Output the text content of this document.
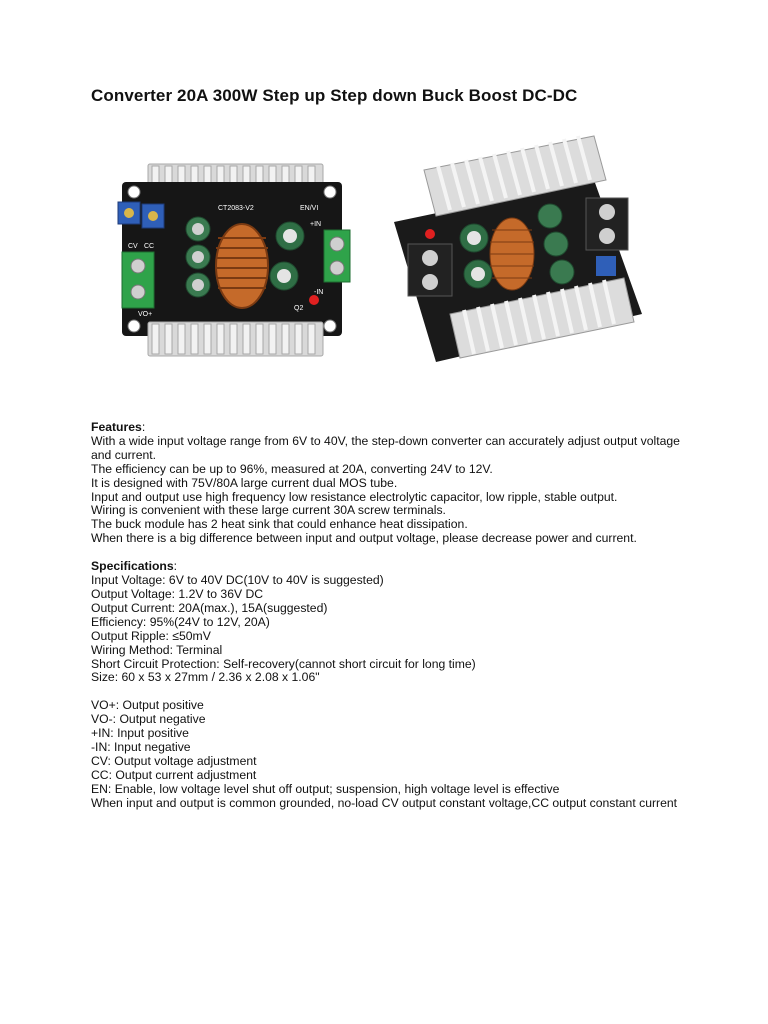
Converter 20A 300W Step up Step down Buck Boost DC-DC
CV CC
VO+
+IN
-IN
EN/VI
Q2
CT2083-V2

Features:

With a wide input voltage range from 6V to 40V, the step-down converter can accurately adjust output voltage and current.

The efficiency can be up to 96%, measured at 20A, converting 24V to 12V.

It is designed with 75V/80A large current dual MOS tube.

Input and output use high frequency low resistance electrolytic capacitor, low ripple, stable output.

Wiring is convenient with these large current 30A screw terminals.

The buck module has 2 heat sink that could enhance heat dissipation.

When there is a big difference between input and output voltage, please decrease power and current.

Specifications:

Input Voltage: 6V to 40V DC(10V to 40V is suggested)

Output Voltage: 1.2V to 36V DC

Output Current: 20A(max.), 15A(suggested)

Efficiency: 95%(24V to 12V, 20A)

Output Ripple: ≤50mV

Wiring Method: Terminal

Short Circuit Protection: Self-recovery(cannot short circuit for long time)

Size: 60 x 53 x 27mm / 2.36 x 2.08 x 1.06"

VO+: Output positive

VO-: Output negative

+IN: Input positive

-IN: Input negative

CV: Output voltage adjustment

CC: Output current adjustment

EN: Enable, low voltage level shut off output; suspension, high voltage level is effective

When input and output is common grounded, no-load CV output constant voltage,CC output constant current
